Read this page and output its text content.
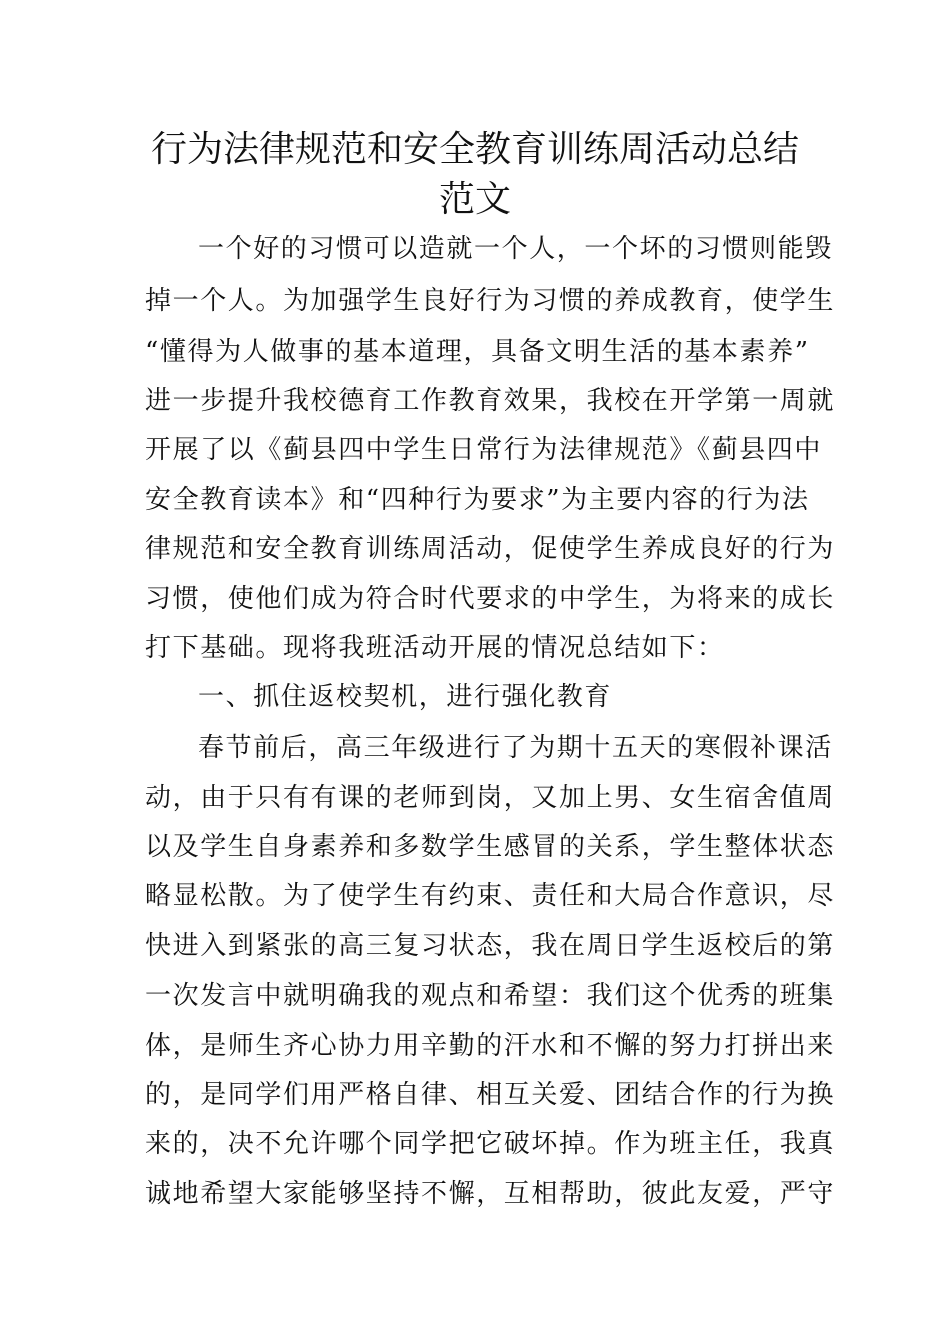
行为法律规范和安全教育训练周活动总结
范文

一个好的习惯可以造就一个人，一个坏的习惯则能毁

掉一个人。为加强学生良好行为习惯的养成教育，使学生

“懂得为人做事的基本道理，具备文明生活的基本素养”

进一步提升我校德育工作教育效果，我校在开学第一周就

开展了以《蓟县四中学生日常行为法律规范》《蓟县四中

安全教育读本》和“四种行为要求”为主要内容的行为法

律规范和安全教育训练周活动，促使学生养成良好的行为

习惯，使他们成为符合时代要求的中学生，为将来的成长

打下基础。现将我班活动开展的情况总结如下：

一、抓住返校契机，进行强化教育

春节前后，高三年级进行了为期十五天的寒假补课活

动，由于只有有课的老师到岗，又加上男、女生宿舍值周

以及学生自身素养和多数学生感冒的关系，学生整体状态

略显松散。为了使学生有约束、责任和大局合作意识，尽

快进入到紧张的高三复习状态，我在周日学生返校后的第

一次发言中就明确我的观点和希望：我们这个优秀的班集

体，是师生齐心协力用辛勤的汗水和不懈的努力打拼出来

的，是同学们用严格自律、相互关爱、团结合作的行为换

来的，决不允许哪个同学把它破坏掉。作为班主任，我真

诚地希望大家能够坚持不懈，互相帮助，彼此友爱，严守
